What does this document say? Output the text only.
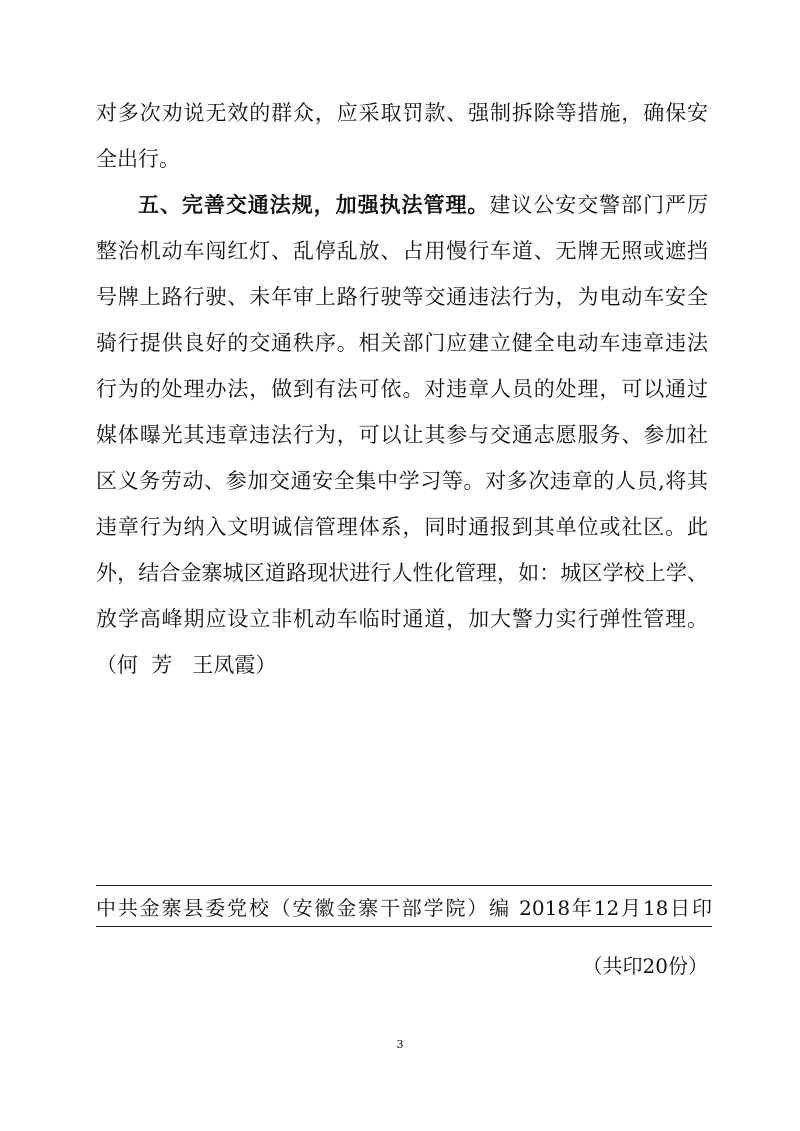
对多次劝说无效的群众，应采取罚款、强制拆除等措施，确保安
全出行。
五、完善交通法规，加强执法管理。建议公安交警部门严厉
整治机动车闯红灯、乱停乱放、占用慢行车道、无牌无照或遮挡
号牌上路行驶、未年审上路行驶等交通违法行为，为电动车安全
骑行提供良好的交通秩序。相关部门应建立健全电动车违章违法
行为的处理办法，做到有法可依。对违章人员的处理，可以通过
媒体曝光其违章违法行为，可以让其参与交通志愿服务、参加社
区义务劳动、参加交通安全集中学习等。对多次违章的人员,将其
违章行为纳入文明诚信管理体系，同时通报到其单位或社区。此
外，结合金寨城区道路现状进行人性化管理，如：城区学校上学、
放学高峰期应设立非机动车临时通道，加大警力实行弹性管理。
（何  芳   王凤霞）
中共金寨县委党校（安徽金寨干部学院）编 2018年12月18日印
（共印20份）
3
